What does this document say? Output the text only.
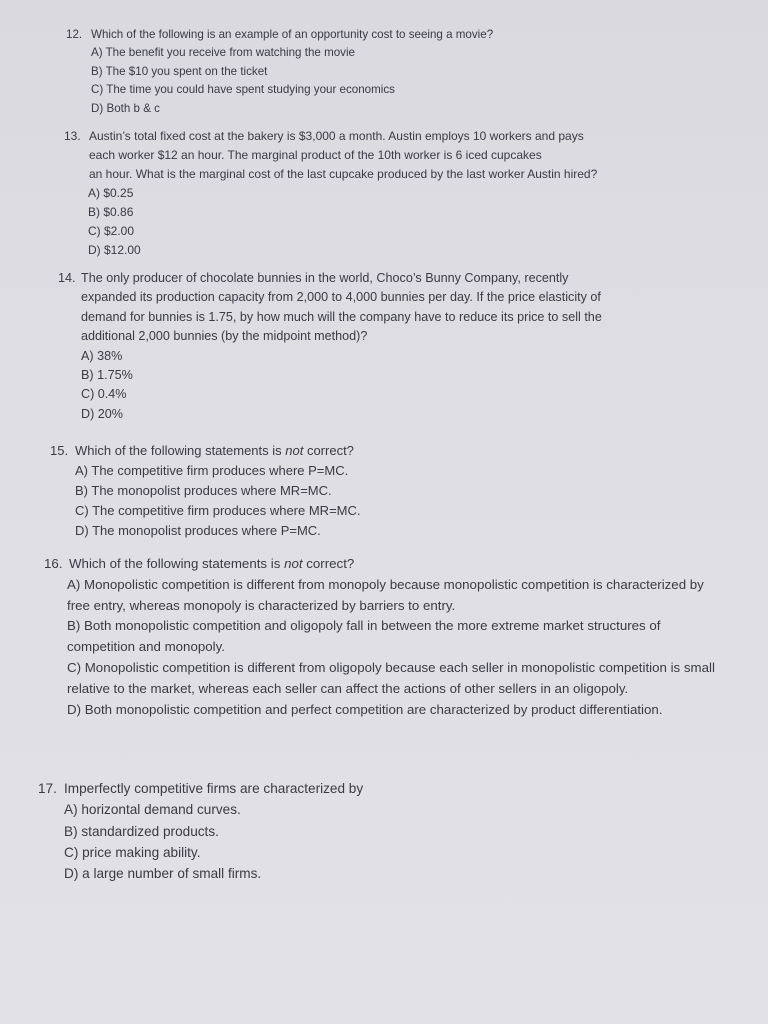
12. Which of the following is an example of an opportunity cost to seeing a movie?

A) The benefit you receive from watching the movie
B) The $10 you spent on the ticket
C) The time you could have spent studying your economics
D) Both b & c

13. Austin’s total fixed cost at the bakery is $3,000 a month. Austin employs 10 workers and pays
each worker $12 an hour. The marginal product of the 10th worker is 6 iced cupcakes
an hour. What is the marginal cost of the last cupcake produced by the last worker Austin hired?

A) $0.25
B) $0.86
C) $2.00
D) $12.00

14. The only producer of chocolate bunnies in the world, Choco’s Bunny Company, recently
expanded its production capacity from 2,000 to 4,000 bunnies per day. If the price elasticity of
demand for bunnies is 1.75, by how much will the company have to reduce its price to sell the
additional 2,000 bunnies (by the midpoint method)?

A) 38%
B) 1.75%
C) 0.4%
D) 20%

15. Which of the following statements is not correct?

A) The competitive firm produces where P=MC.
B) The monopolist produces where MR=MC.
C) The competitive firm produces where MR=MC.
D) The monopolist produces where P=MC.

16. Which of the following statements is not correct?

A) Monopolistic competition is different from monopoly because monopolistic competition is characterized by free entry, whereas monopoly is characterized by barriers to entry.
B) Both monopolistic competition and oligopoly fall in between the more extreme market structures of competition and monopoly.
C) Monopolistic competition is different from oligopoly because each seller in monopolistic competition is small relative to the market, whereas each seller can affect the actions of other sellers in an oligopoly.
D) Both monopolistic competition and perfect competition are characterized by product differentiation.

17. Imperfectly competitive firms are characterized by

A) horizontal demand curves.
B) standardized products.
C) price making ability.
D) a large number of small firms.
